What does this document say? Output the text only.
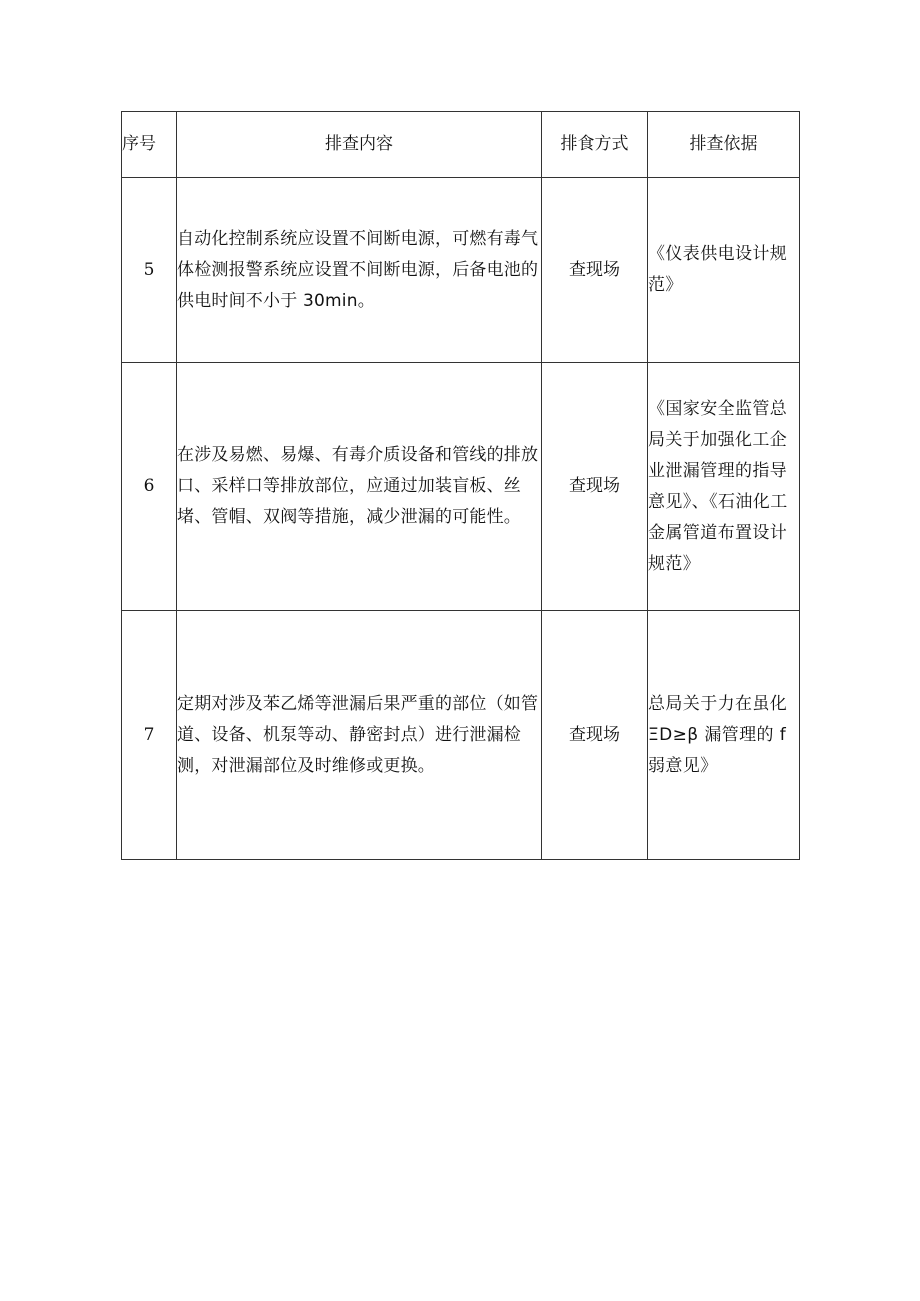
序号	排查内容	排食方式	排查依据
5	自动化控制系统应设置不间断电源，可燃有毒气体检测报警系统应设置不间断电源，后备电池的供电时间不小于 30min。	查现场	《仪表供电设计规范》
6	在涉及易燃、易爆、有毒介质设备和管线的排放口、采样口等排放部位，应通过加装盲板、丝堵、管帽、双阀等措施，减少泄漏的可能性。	查现场	《国家安全监管总局关于加强化工企业泄漏管理的指导意见》、《石油化工金属管道布置设计规范》
7	定期对涉及苯乙烯等泄漏后果严重的部位（如管道、设备、机泵等动、静密封点）进行泄漏检测，对泄漏部位及时维修或更换。	查现场	总局关于力在虽化ΞD≥β 漏管理的 f 弱意见》
